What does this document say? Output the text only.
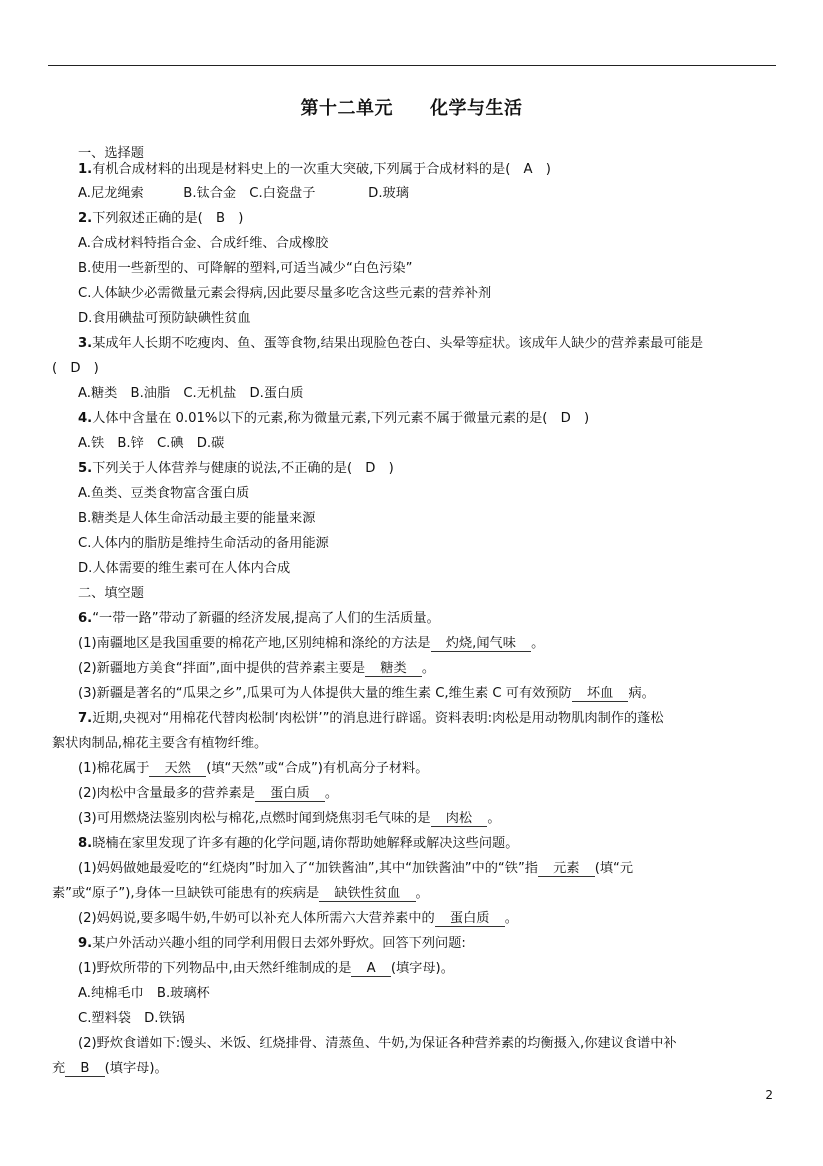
第十二单元　　化学与生活
一、选择题
1.有机合成材料的出现是材料史上的一次重大突破,下列属于合成材料的是(　A　)
A.尼龙绳索　　　B.钛合金　C.白瓷盘子　　　　D.玻璃
2.下列叙述正确的是(　B　)
A.合成材料特指合金、合成纤维、合成橡胶
B.使用一些新型的、可降解的塑料,可适当减少“白色污染”
C.人体缺少必需微量元素会得病,因此要尽量多吃含这些元素的营养补剂
D.食用碘盐可预防缺碘性贫血
3.某成年人长期不吃瘦肉、鱼、蛋等食物,结果出现脸色苍白、头晕等症状。该成年人缺少的营养素最可能是
(　D　)
A.糖类　B.油脂　C.无机盐　D.蛋白质
4.人体中含量在 0.01%以下的元素,称为微量元素,下列元素不属于微量元素的是(　D　)
A.铁　B.锌　C.碘　D.碳
5.下列关于人体营养与健康的说法,不正确的是(　D　)
A.鱼类、豆类食物富含蛋白质
B.糖类是人体生命活动最主要的能量来源
C.人体内的脂肪是维持生命活动的备用能源
D.人体需要的维生素可在人体内合成
二、填空题
6.“一带一路”带动了新疆的经济发展,提高了人们的生活质量。
(1)南疆地区是我国重要的棉花产地,区别纯棉和涤纶的方法是　灼烧,闻气味　。
(2)新疆地方美食“拌面”,面中提供的营养素主要是　糖类　。
(3)新疆是著名的“瓜果之乡”,瓜果可为人体提供大量的维生素 C,维生素 C 可有效预防　坏血　病。
7.近期,央视对“用棉花代替肉松制‘肉松饼’”的消息进行辟谣。资料表明:肉松是用动物肌肉制作的蓬松
絮状肉制品,棉花主要含有植物纤维。
(1)棉花属于　天然　(填“天然”或“合成”)有机高分子材料。
(2)肉松中含量最多的营养素是　蛋白质　。
(3)可用燃烧法鉴别肉松与棉花,点燃时闻到烧焦羽毛气味的是　肉松　。
8.晓楠在家里发现了许多有趣的化学问题,请你帮助她解释或解决这些问题。
(1)妈妈做她最爱吃的“红烧肉”时加入了“加铁酱油”,其中“加铁酱油”中的“铁”指　元素　(填“元
素”或“原子”),身体一旦缺铁可能患有的疾病是　缺铁性贫血　。
(2)妈妈说,要多喝牛奶,牛奶可以补充人体所需六大营养素中的　蛋白质　。
9.某户外活动兴趣小组的同学利用假日去郊外野炊。回答下列问题:
(1)野炊所带的下列物品中,由天然纤维制成的是　A　(填字母)。
A.纯棉毛巾　B.玻璃杯
C.塑料袋　D.铁锅
(2)野炊食谱如下:馒头、米饭、红烧排骨、清蒸鱼、牛奶,为保证各种营养素的均衡摄入,你建议食谱中补
充　B　(填字母)。
2
